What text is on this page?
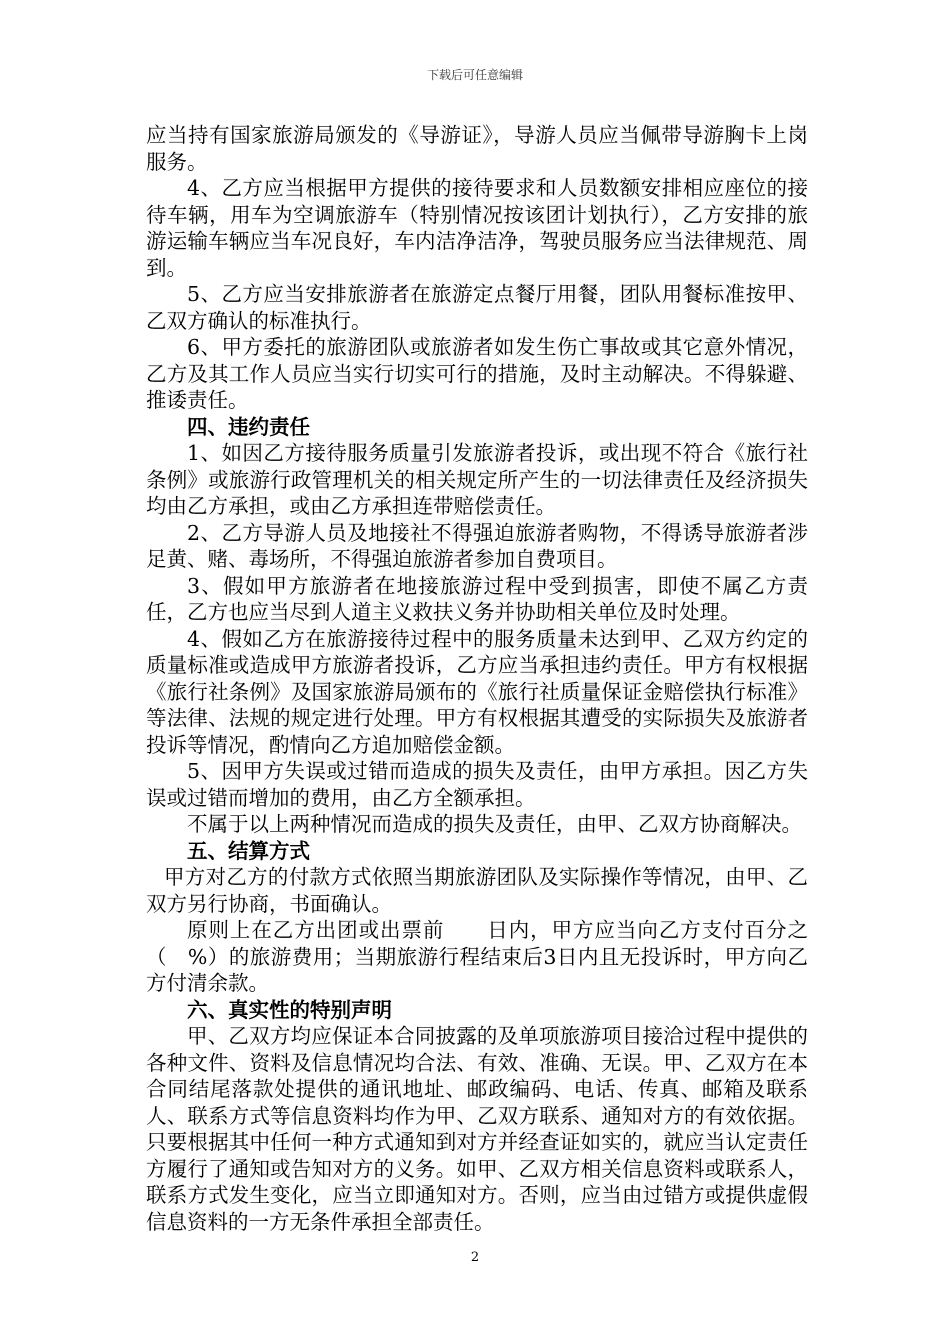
下载后可任意编辑

应当持有国家旅游局颁发的《导游证》，导游人员应当佩带导游胸卡上岗服务。

4、乙方应当根据甲方提供的接待要求和人员数额安排相应座位的接待车辆，用车为空调旅游车（特别情况按该团计划执行），乙方安排的旅游运输车辆应当车况良好，车内洁净洁净，驾驶员服务应当法律规范、周到。

5、乙方应当安排旅游者在旅游定点餐厅用餐，团队用餐标准按甲、乙双方确认的标准执行。

6、甲方委托的旅游团队或旅游者如发生伤亡事故或其它意外情况，乙方及其工作人员应当实行切实可行的措施，及时主动解决。不得躲避、推诿责任。

四、违约责任

1、如因乙方接待服务质量引发旅游者投诉，或出现不符合《旅行社条例》或旅游行政管理机关的相关规定所产生的一切法律责任及经济损失均由乙方承担，或由乙方承担连带赔偿责任。

2、乙方导游人员及地接社不得强迫旅游者购物，不得诱导旅游者涉足黄、赌、毒场所，不得强迫旅游者参加自费项目。

3、假如甲方旅游者在地接旅游过程中受到损害，即使不属乙方责任，乙方也应当尽到人道主义救扶义务并协助相关单位及时处理。

4、假如乙方在旅游接待过程中的服务质量未达到甲、乙双方约定的质量标准或造成甲方旅游者投诉，乙方应当承担违约责任。甲方有权根据《旅行社条例》及国家旅游局颁布的《旅行社质量保证金赔偿执行标准》等法律、法规的规定进行处理。甲方有权根据其遭受的实际损失及旅游者投诉等情况，酌情向乙方追加赔偿金额。

5、因甲方失误或过错而造成的损失及责任，由甲方承担。因乙方失误或过错而增加的费用，由乙方全额承担。

不属于以上两种情况而造成的损失及责任，由甲、乙双方协商解决。

五、结算方式

甲方对乙方的付款方式依照当期旅游团队及实际操作等情况，由甲、乙双方另行协商，书面确认。

原则上在乙方出团或出票前　　日内，甲方应当向乙方支付百分之　（　%）的旅游费用；当期旅游行程结束后3日内且无投诉时，甲方向乙方付清余款。

六、真实性的特别声明

甲、乙双方均应保证本合同披露的及单项旅游项目接洽过程中提供的各种文件、资料及信息情况均合法、有效、准确、无误。甲、乙双方在本合同结尾落款处提供的通讯地址、邮政编码、电话、传真、邮箱及联系人、联系方式等信息资料均作为甲、乙双方联系、通知对方的有效依据。只要根据其中任何一种方式通知到对方并经查证如实的，就应当认定责任方履行了通知或告知对方的义务。如甲、乙双方相关信息资料或联系人，联系方式发生变化，应当立即通知对方。否则，应当由过错方或提供虚假信息资料的一方无条件承担全部责任。

2
